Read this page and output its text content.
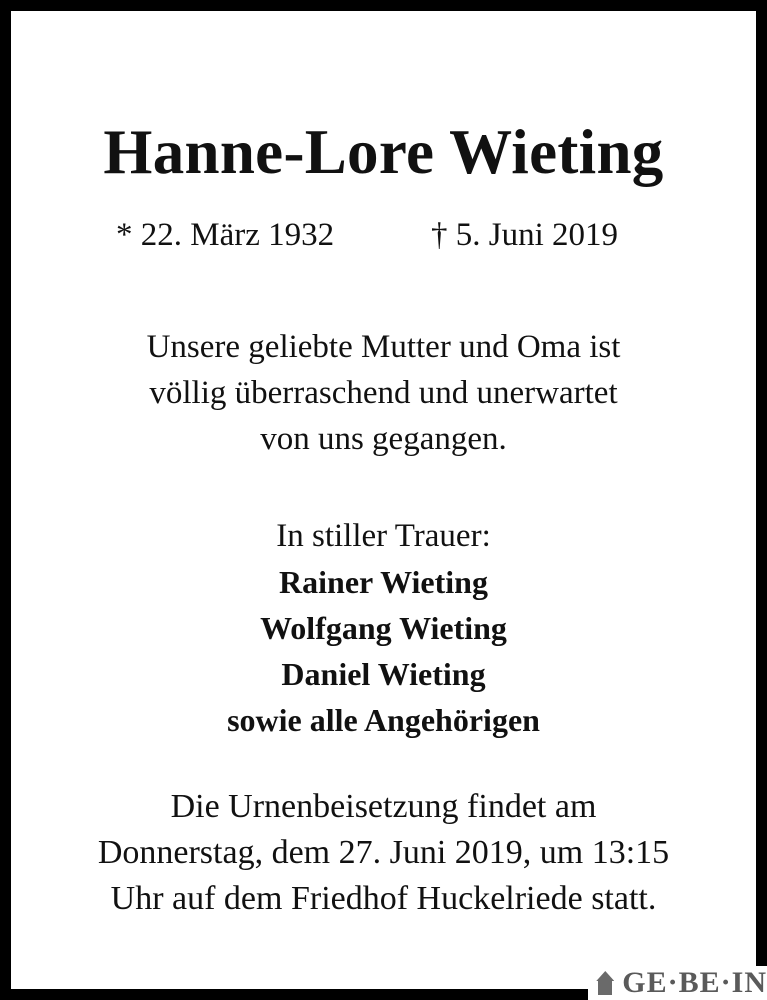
Hanne-Lore Wieting
* 22. März 1932	† 5. Juni 2019
Unsere geliebte Mutter und Oma ist
völlig überraschend und unerwartet
von uns gegangen.
In stiller Trauer:
Rainer Wieting
Wolfgang Wieting
Daniel Wieting
sowie alle Angehörigen
Die Urnenbeisetzung findet am
Donnerstag, dem 27. Juni 2019, um 13:15
Uhr auf dem Friedhof Huckelriede statt.
GE·BE·IN
